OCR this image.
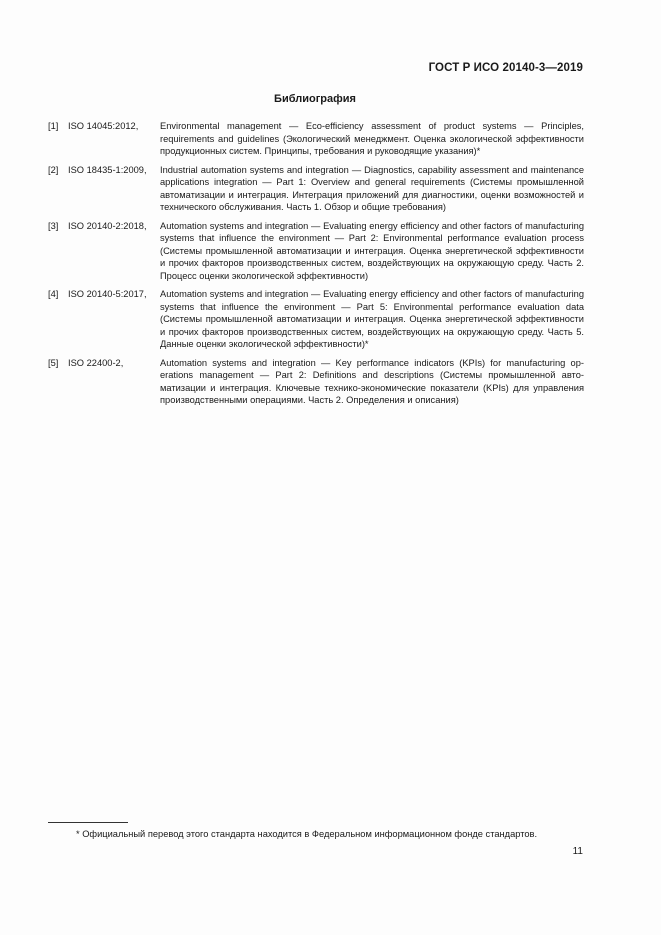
ГОСТ Р ИСО 20140-3—2019
Библиография
[1]	ISO 14045:2012,	Environmental management — Eco-efficiency assessment of product systems — Principles, requirements and guidelines (Экологический менеджмент. Оценка экологической эффективности продукционных систем. Принципы, требования и руководящие указания)*
[2]	ISO 18435-1:2009,	Industrial automation systems and integration — Diagnostics, capability assessment and maintenance applications integration — Part 1: Overview and general requirements (Системы промышленной автоматизации и интеграция. Интеграция приложений для диагностики, оценки возможностей и технического обслуживания. Часть 1. Обзор и общие требования)
[3]	ISO 20140-2:2018,	Automation systems and integration — Evaluating energy efficiency and other factors of manufacturing systems that influence the environment — Part 2: Environmental performance evaluation process (Системы промышленной автоматизации и интеграция. Оценка энергетической эффективности и прочих факторов производственных систем, воздействующих на окружающую среду. Часть 2. Процесс оценки экологической эффективности)
[4]	ISO 20140-5:2017,	Automation systems and integration — Evaluating energy efficiency and other factors of manufacturing systems that influence the environment — Part 5: Environmental performance evaluation data (Системы промышленной автоматизации и интеграция. Оценка энергетической эффективности и прочих факторов производственных систем, воздействующих на окружающую среду. Часть 5. Данные оценки экологической эффективности)*
[5]	ISO 22400-2,	Automation systems and integration — Key performance indicators (KPIs) for manufacturing operations management — Part 2: Definitions and descriptions (Системы промышленной автоматизации и интеграция. Ключевые технико-экономические показатели (KPIs) для управления производственными операциями. Часть 2. Определения и описания)
* Официальный перевод этого стандарта находится в Федеральном информационном фонде стандартов.
11
